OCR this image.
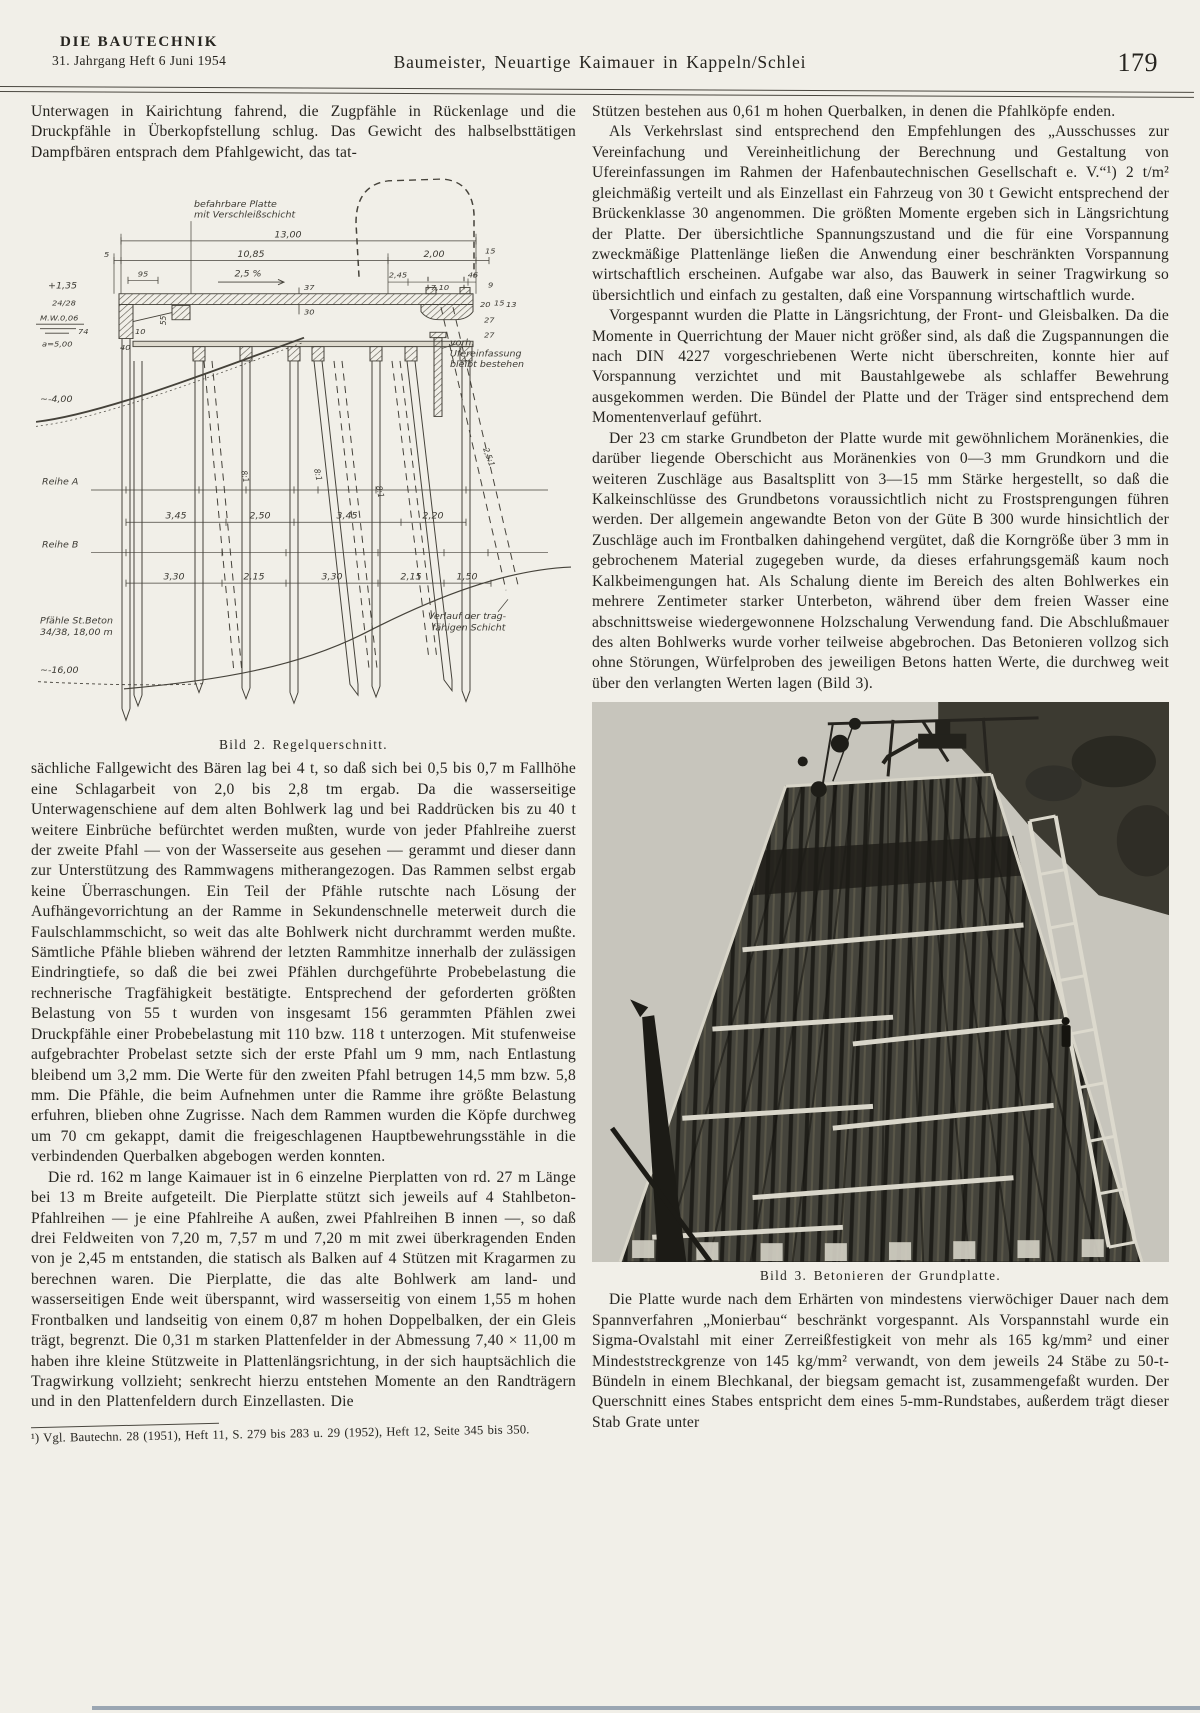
DIE BAUTECHNIK
31. Jahrgang Heft 6 Juni 1954	Baumeister, Neuartige Kaimauer in Kappeln/Schlei	179

Unterwagen in Kairichtung fahrend, die Zugpfähle in Rückenlage und die Druckpfähle in Überkopfstellung schlug. Das Gewicht des halbselbsttätigen Dampfbären entsprach dem Pfahlgewicht, das tat-

befahrbare Platte
mit Verschleißschicht
13,00
10,85	2,00	15
5
95	2,5 %
37
30
2,45
7,10
45
9
20 15 13
27
27
+1,35
24/28
M.W.0,06
74
a=5,00
10
40
55
~-4,00
Reihe A
Reihe B
3,45	2,50	3,45	2,20
3,30	2,15	3,30	2,15	1,50
8:1	8:1
8:1
2,5:1
Pfähle St.Beton
34/38, 18,00 m
~-16,00
vorh.
Ufereinfassung
bleibt bestehen
Verlauf der trag-
fähigen Schicht
Bild 2. Regelquerschnitt.

sächliche Fallgewicht des Bären lag bei 4 t, so daß sich bei 0,5 bis 0,7 m Fallhöhe eine Schlagarbeit von 2,0 bis 2,8 tm ergab. Da die wasserseitige Unterwagenschiene auf dem alten Bohlwerk lag und bei Raddrücken bis zu 40 t weitere Einbrüche befürchtet werden mußten, wurde von jeder Pfahlreihe zuerst der zweite Pfahl — von der Wasserseite aus gesehen — gerammt und dieser dann zur Unterstützung des Rammwagens mitherangezogen. Das Rammen selbst ergab keine Überraschungen. Ein Teil der Pfähle rutschte nach Lösung der Aufhängevorrichtung an der Ramme in Sekundenschnelle meterweit durch die Faulschlammschicht, so weit das alte Bohlwerk nicht durchrammt werden mußte. Sämtliche Pfähle blieben während der letzten Rammhitze innerhalb der zulässigen Eindringtiefe, so daß die bei zwei Pfählen durchgeführte Probebelastung die rechnerische Tragfähigkeit bestätigte. Entsprechend der geforderten größten Belastung von 55 t wurden von insgesamt 156 gerammten Pfählen zwei Druckpfähle einer Probebelastung mit 110 bzw. 118 t unterzogen. Mit stufenweise aufgebrachter Probelast setzte sich der erste Pfahl um 9 mm, nach Entlastung bleibend um 3,2 mm. Die Werte für den zweiten Pfahl betrugen 14,5 mm bzw. 5,8 mm. Die Pfähle, die beim Aufnehmen unter die Ramme ihre größte Belastung erfuhren, blieben ohne Zugrisse. Nach dem Rammen wurden die Köpfe durchweg um 70 cm gekappt, damit die freigeschlagenen Hauptbewehrungsstähle in die verbindenden Querbalken abgebogen werden konnten.

Die rd. 162 m lange Kaimauer ist in 6 einzelne Pierplatten von rd. 27 m Länge bei 13 m Breite aufgeteilt. Die Pierplatte stützt sich jeweils auf 4 Stahlbeton-Pfahlreihen — je eine Pfahlreihe A außen, zwei Pfahlreihen B innen —, so daß drei Feldweiten von 7,20 m, 7,57 m und 7,20 m mit zwei überkragenden Enden von je 2,45 m entstanden, die statisch als Balken auf 4 Stützen mit Kragarmen zu berechnen waren. Die Pierplatte, die das alte Bohlwerk am land- und wasserseitigen Ende weit überspannt, wird wasserseitig von einem 1,55 m hohen Frontbalken und landseitig von einem 0,87 m hohen Doppelbalken, der ein Gleis trägt, begrenzt. Die 0,31 m starken Plattenfelder in der Abmessung 7,40 × 11,00 m haben ihre kleine Stützweite in Plattenlängsrichtung, in der sich hauptsächlich die Tragwirkung vollzieht; senkrecht hierzu entstehen Momente an den Randträgern und in den Plattenfeldern durch Einzellasten. Die

¹) Vgl. Bautechn. 28 (1951), Heft 11, S. 279 bis 283 u. 29 (1952), Heft 12, Seite 345 bis 350.

Stützen bestehen aus 0,61 m hohen Querbalken, in denen die Pfahlköpfe enden.

Als Verkehrslast sind entsprechend den Empfehlungen des „Ausschusses zur Vereinfachung und Vereinheitlichung der Berechnung und Gestaltung von Ufereinfassungen im Rahmen der Hafenbautechnischen Gesellschaft e. V.“¹) 2 t/m² gleichmäßig verteilt und als Einzellast ein Fahrzeug von 30 t Gewicht entsprechend der Brückenklasse 30 angenommen. Die größten Momente ergeben sich in Längsrichtung der Platte. Der übersichtliche Spannungszustand und die für eine Vorspannung zweckmäßige Plattenlänge ließen die Anwendung einer beschränkten Vorspannung wirtschaftlich erscheinen. Aufgabe war also, das Bauwerk in seiner Tragwirkung so übersichtlich und einfach zu gestalten, daß eine Vorspannung wirtschaftlich wurde.

Vorgespannt wurden die Platte in Längsrichtung, der Front- und Gleisbalken. Da die Momente in Querrichtung der Mauer nicht größer sind, als daß die Zugspannungen die nach DIN 4227 vorgeschriebenen Werte nicht überschreiten, konnte hier auf Vorspannung verzichtet und mit Baustahlgewebe als schlaffer Bewehrung ausgekommen werden. Die Bündel der Platte und der Träger sind entsprechend dem Momentenverlauf geführt.

Der 23 cm starke Grundbeton der Platte wurde mit gewöhnlichem Moränenkies, die darüber liegende Oberschicht aus Moränenkies von 0—3 mm Grundkorn und die weiteren Zuschläge aus Basaltsplitt von 3—15 mm Stärke hergestellt, so daß die Kalkeinschlüsse des Grundbetons voraussichtlich nicht zu Frostsprengungen führen werden. Der allgemein angewandte Beton von der Güte B 300 wurde hinsichtlich der Zuschläge auch im Frontbalken dahingehend vergütet, daß die Korngröße über 3 mm in gebrochenem Material zugegeben wurde, da dieses erfahrungsgemäß kaum noch Kalkbeimengungen hat. Als Schalung diente im Bereich des alten Bohlwerkes ein mehrere Zentimeter starker Unterbeton, während über dem freien Wasser eine abschnittsweise wiedergewonnene Holzschalung Verwendung fand. Die Abschlußmauer des alten Bohlwerks wurde vorher teilweise abgebrochen. Das Betonieren vollzog sich ohne Störungen, Würfelproben des jeweiligen Betons hatten Werte, die durchweg weit über den verlangten Werten lagen (Bild 3).

Bild 3. Betonieren der Grundplatte.

Die Platte wurde nach dem Erhärten von mindestens vierwöchiger Dauer nach dem Spannverfahren „Monierbau“ beschränkt vorgespannt. Als Vorspannstahl wurde ein Sigma-Ovalstahl mit einer Zerreißfestigkeit von mehr als 165 kg/mm² und einer Mindeststreckgrenze von 145 kg/mm² verwandt, von dem jeweils 24 Stäbe zu 50-t-Bündeln in einem Blechkanal, der biegsam gemacht ist, zusammengefaßt wurden. Der Querschnitt eines Stabes entspricht dem eines 5-mm-Rundstabes, außerdem trägt dieser Stab Grate unter
